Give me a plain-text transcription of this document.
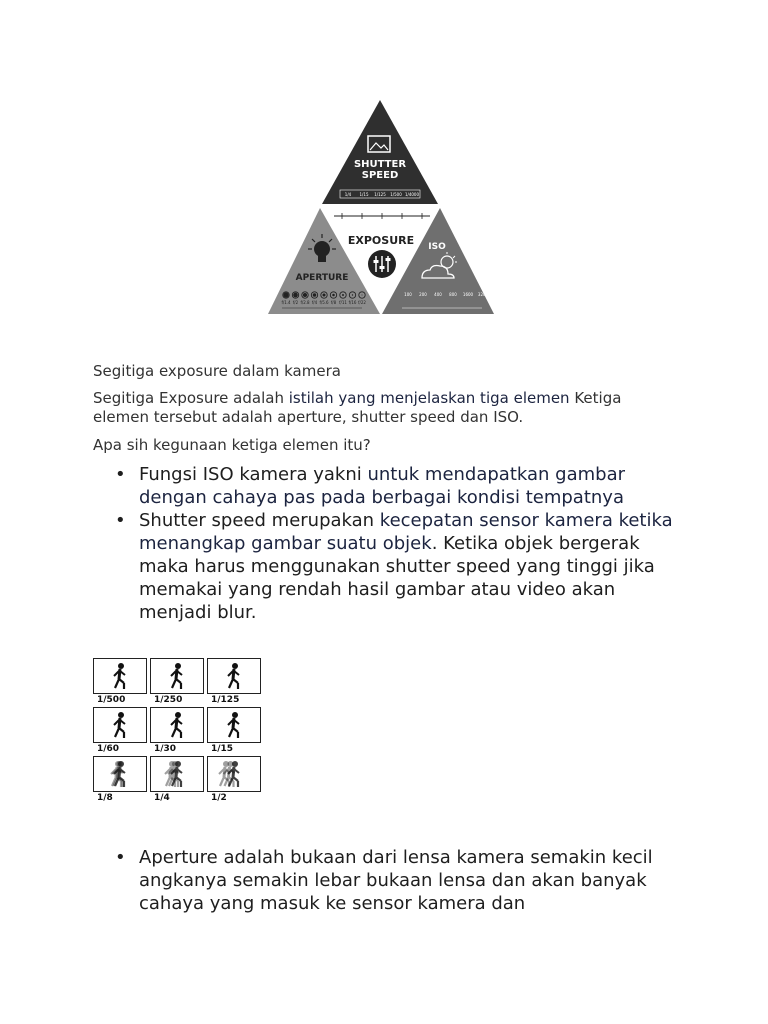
SHUTTER
SPEED
1/4 1/15 1/125 1/500 1/4000
EXPOSURE
APERTURE
f/1.4 f/2 f/2.8 f/4 f/5.6 f/8 f/11 f/16 f/22
ISO
100 200 400 800 1600 3200
Segitiga exposure dalam kamera
Segitiga Exposure adalah istilah yang menjelaskan tiga elemen Ketiga elemen tersebut adalah aperture, shutter speed dan ISO.
Apa sih kegunaan ketiga elemen itu?
• Fungsi ISO kamera yakni untuk mendapatkan gambar dengan cahaya pas pada berbagai kondisi tempatnya
• Shutter speed merupakan kecepatan sensor kamera ketika menangkap gambar suatu objek. Ketika objek bergerak maka harus menggunakan shutter speed yang tinggi jika memakai yang rendah hasil gambar atau video akan menjadi blur.
1/500	1/250	1/125
1/60	1/30	1/15
1/8	1/4	1/2
• Aperture adalah bukaan dari lensa kamera semakin kecil angkanya semakin lebar bukaan lensa dan akan banyak cahaya yang masuk ke sensor kamera dan
